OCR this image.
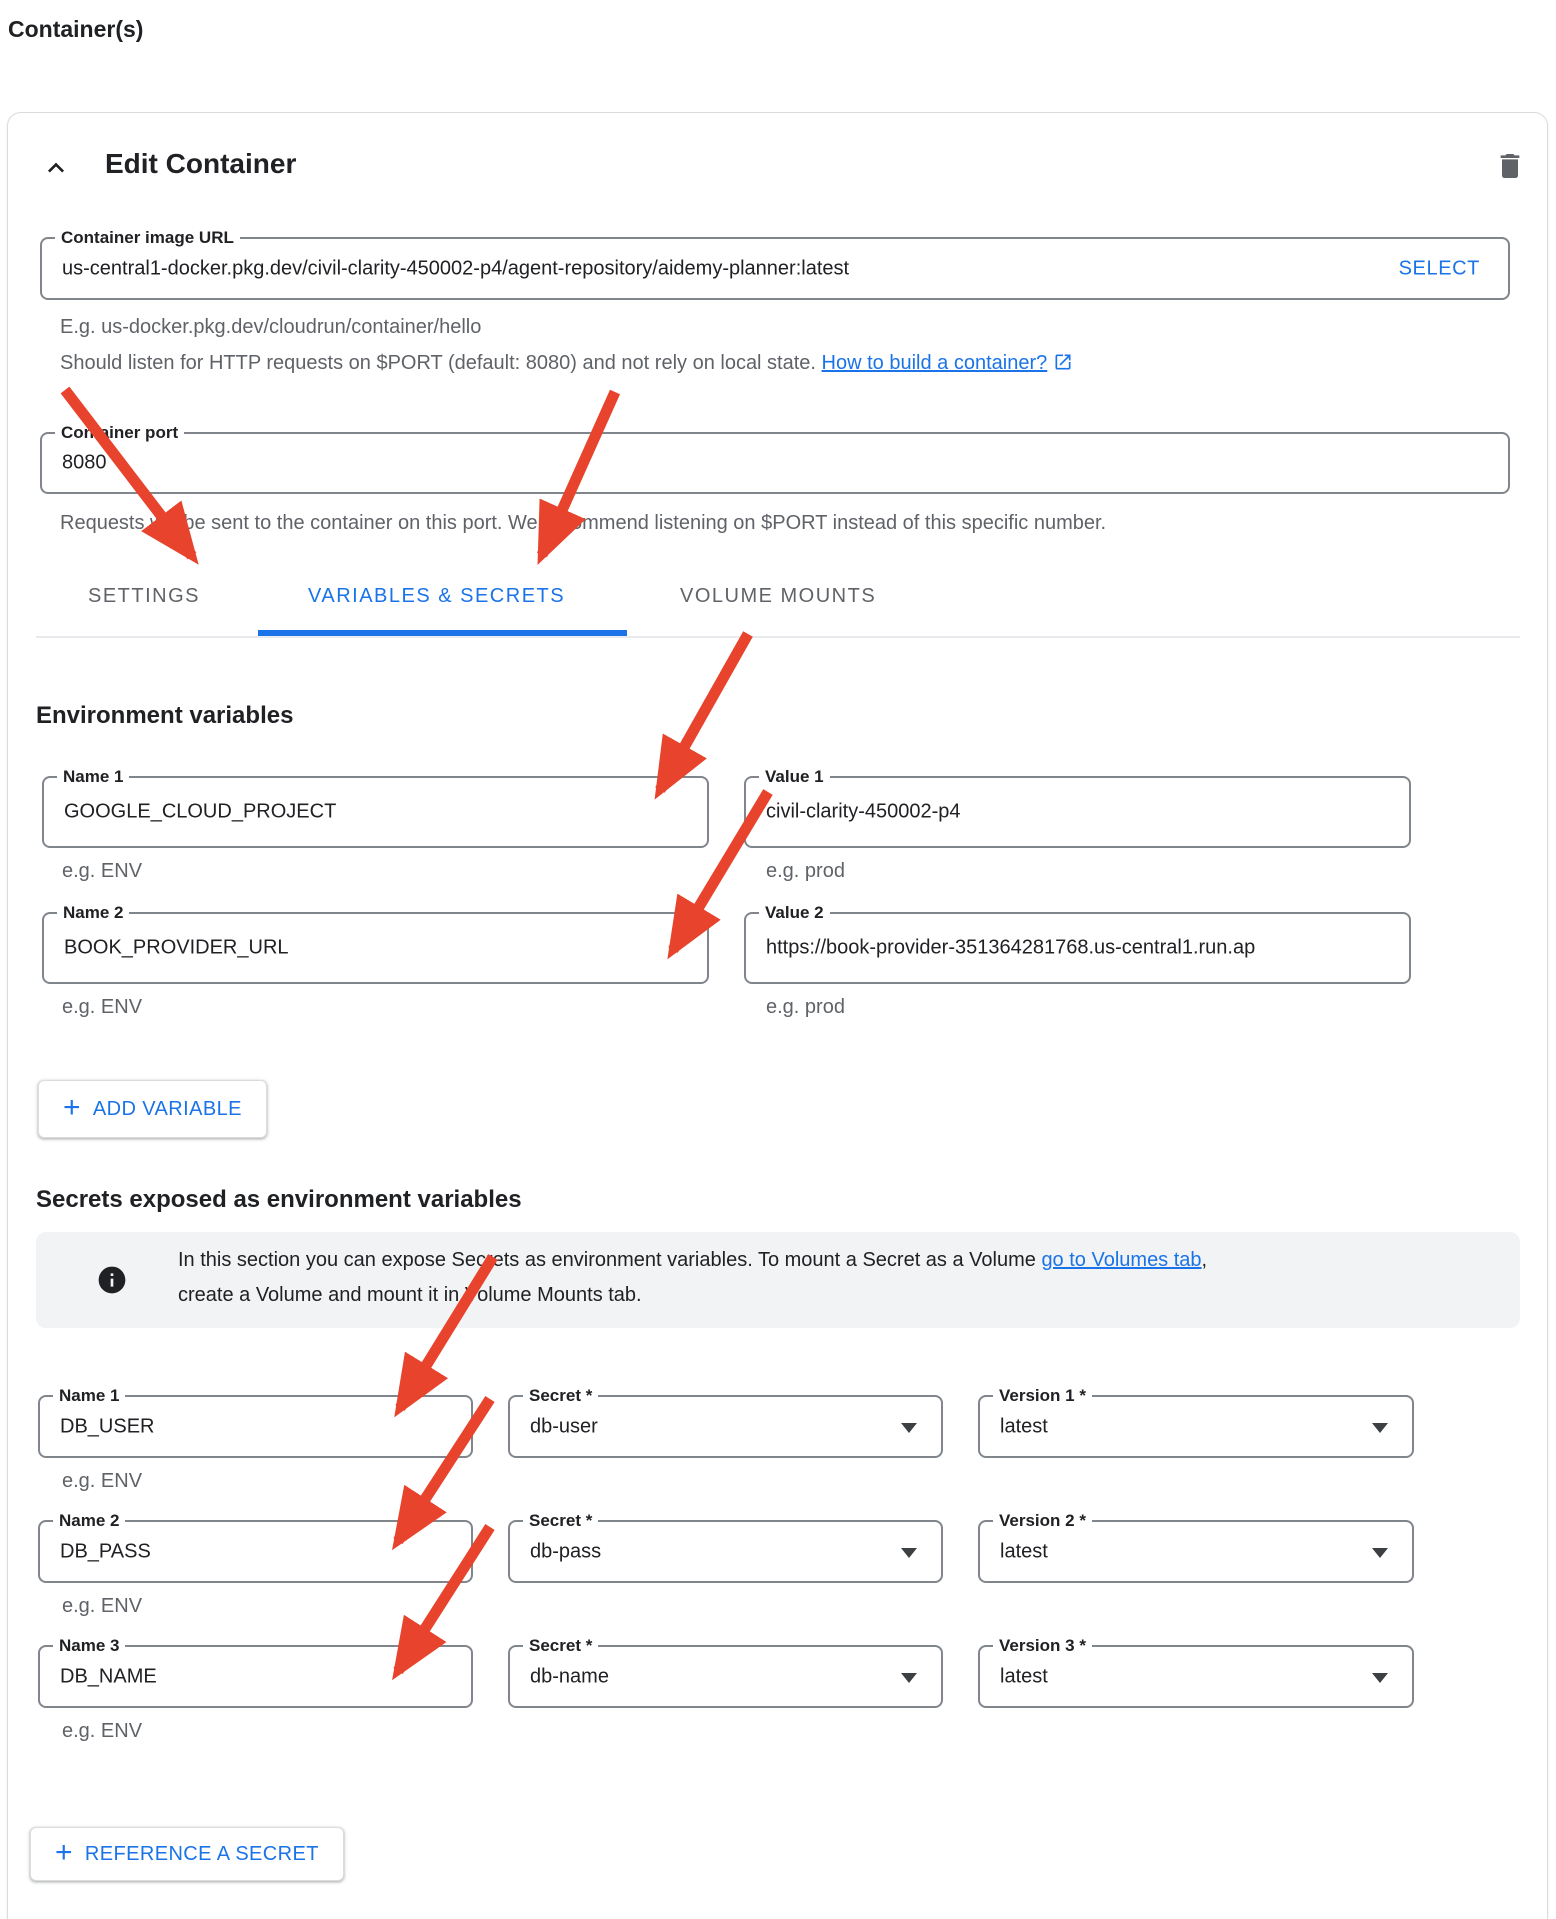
Container(s)
Edit Container
Container image URL
us-central1-docker.pkg.dev/civil-clarity-450002-p4/agent-repository/aidemy-planner:latest	SELECT
E.g. us-docker.pkg.dev/cloudrun/container/hello
Should listen for HTTP requests on $PORT (default: 8080) and not rely on local state. How to build a container?
Container port
8080
Requests will be sent to the container on this port. We recommend listening on $PORT instead of this specific number.
SETTINGS	VARIABLES & SECRETS	VOLUME MOUNTS
Environment variables
Name 1
GOOGLE_CLOUD_PROJECT
Value 1
civil-clarity-450002-p4
e.g. ENV	e.g. prod
Name 2
BOOK_PROVIDER_URL
Value 2
https://book-provider-351364281768.us-central1.run.ap
e.g. ENV	e.g. prod
+ ADD VARIABLE
Secrets exposed as environment variables
In this section you can expose Secrets as environment variables. To mount a Secret as a Volume go to Volumes tab, create a Volume and mount it in Volume Mounts tab.
Name 1
DB_USER
Secret *
db-user
Version 1 *
latest
e.g. ENV
Name 2
DB_PASS
Secret *
db-pass
Version 2 *
latest
e.g. ENV
Name 3
DB_NAME
Secret *
db-name
Version 3 *
latest
e.g. ENV
+ REFERENCE A SECRET
